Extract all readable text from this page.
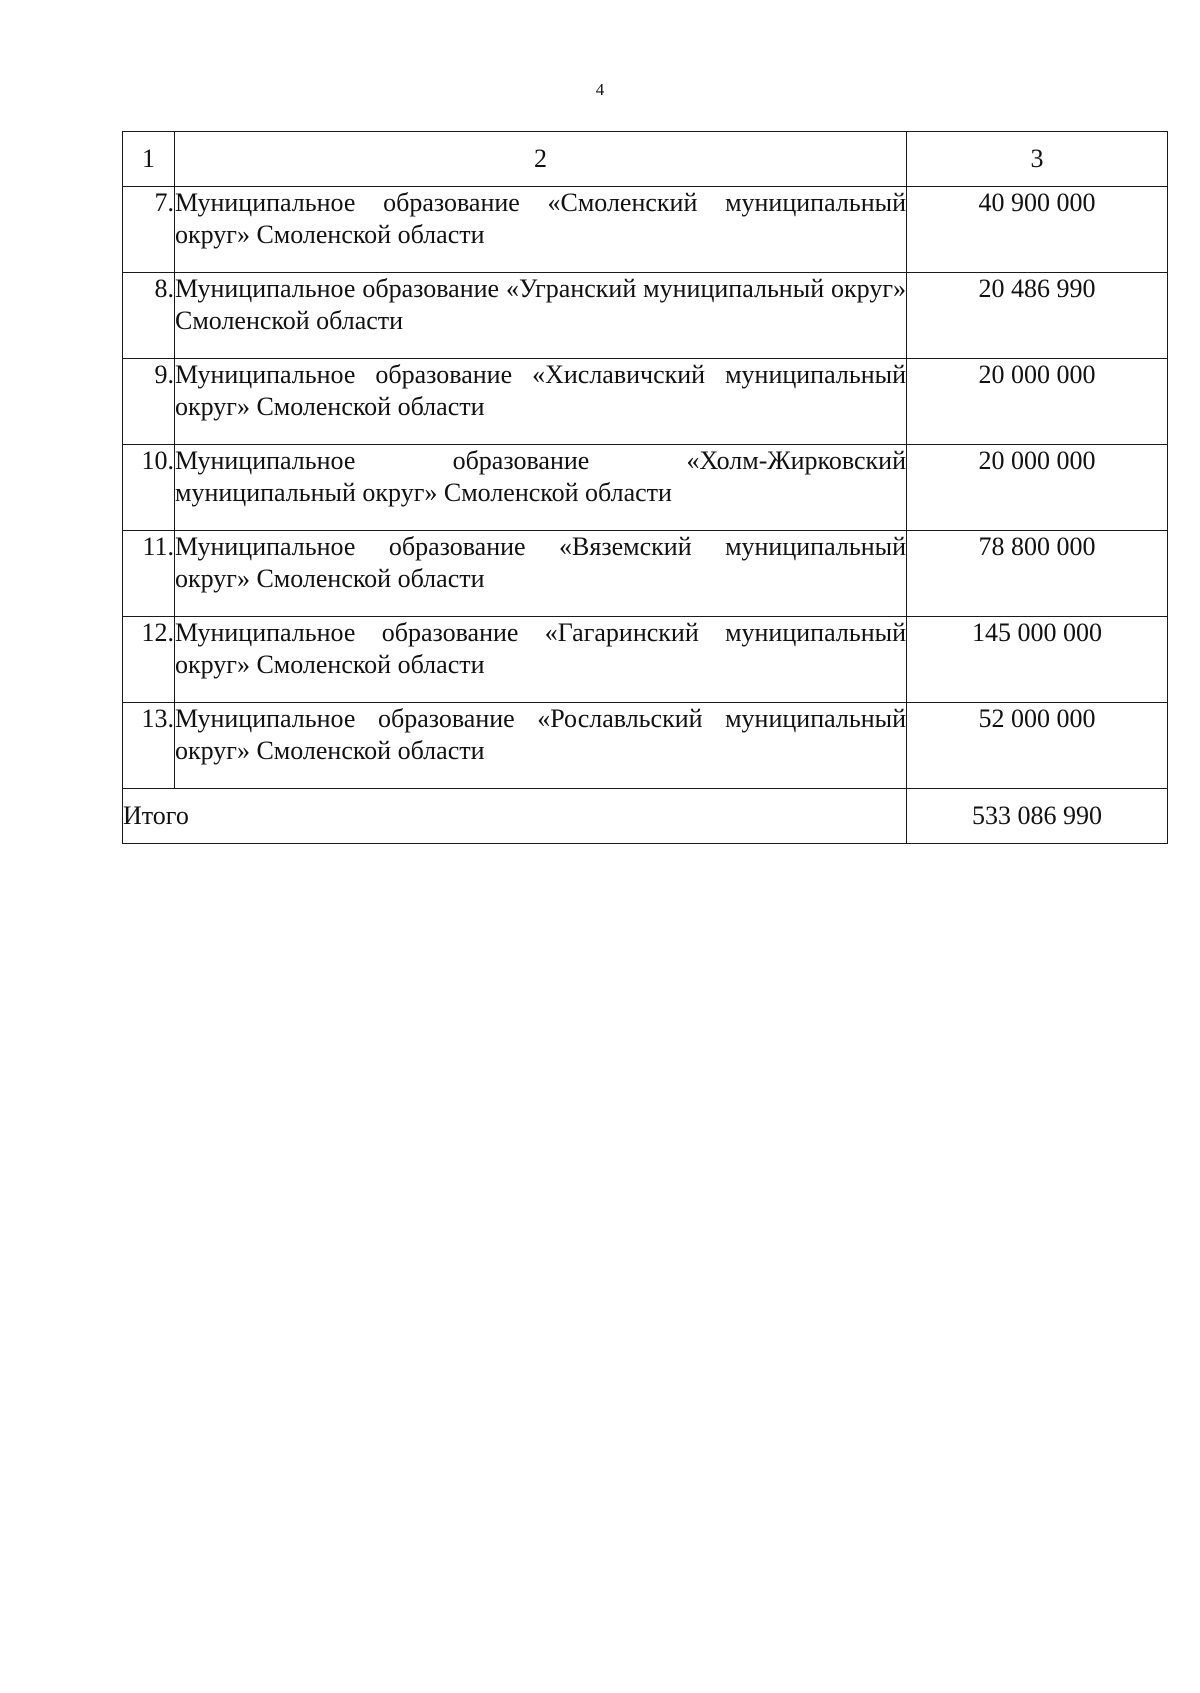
4
1	2	3
7.	Муниципальное образование «Смоленский муниципальный округ» Смоленской области	40 900 000
8.	Муниципальное образование «Угранский муниципальный округ» Смоленской области	20 486 990
9.	Муниципальное образование «Хиславичский муниципальный округ» Смоленской области	20 000 000
10.	Муниципальное образование «Холм-Жирковский муниципальный округ» Смоленской области	20 000 000
11.	Муниципальное образование «Вяземский муниципальный округ» Смоленской области	78 800 000
12.	Муниципальное образование «Гагаринский муниципальный округ» Смоленской области	145 000 000
13.	Муниципальное образование «Рославльский муниципальный округ» Смоленской области	52 000 000
Итого		533 086 990
